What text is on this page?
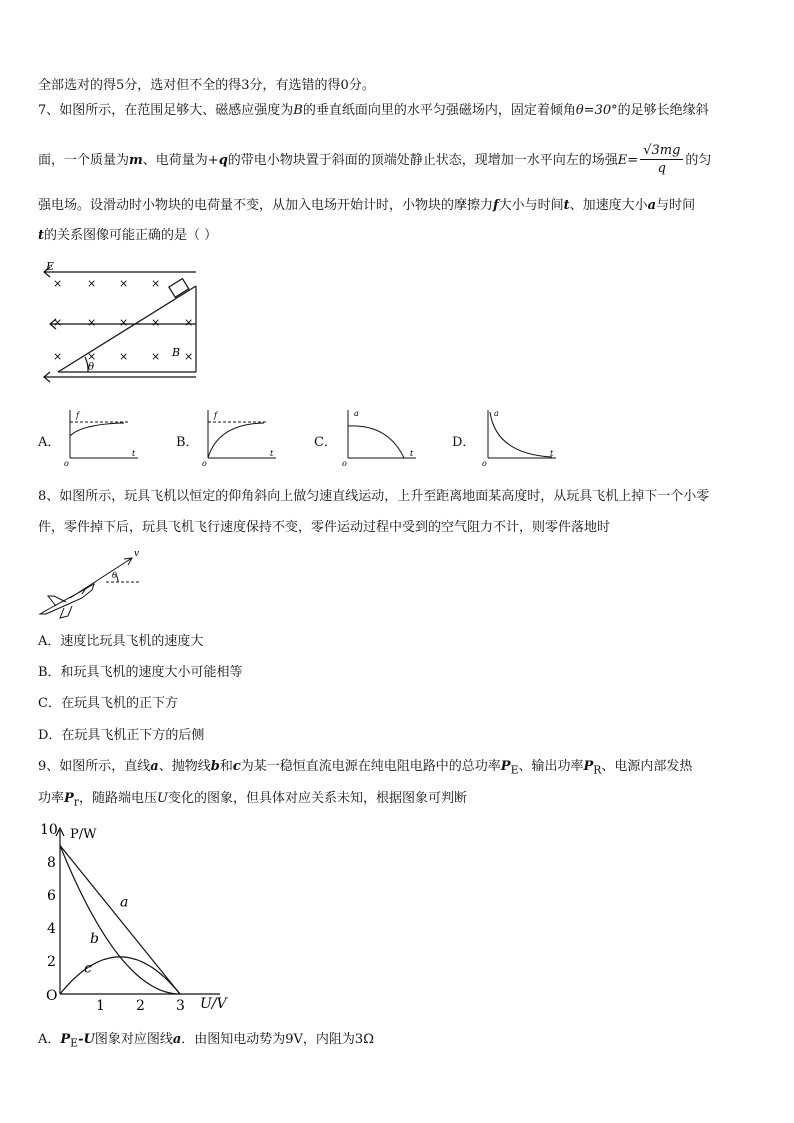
全部选对的得5分，选对但不全的得3分，有选错的得0分。
7、如图所示，在范围足够大、磁感应强度为B的垂直纸面向里的水平匀强磁场内，固定着倾角θ=30°的足够长绝缘斜
面，一个质量为m、电荷量为+q的带电小物块置于斜面的顶端处静止状态，现增加一水平向左的场强$E= \frac{√3mg}{q}$ 的匀
强电场。设滑动时小物块的电荷量不变，从加入电场开始计时，小物块的摩擦力f大小与时间t、加速度大小a与时间
t的关系图像可能正确的是（ ）
E
B
θ
× × × ×
× × × × ×
× × × × ×
A．
f
o
t
B．
f
o
t
C．
a
o
t
D．
a
o
t
8、如图所示，玩具飞机以恒定的仰角斜向上做匀速直线运动，上升至距离地面某高度时，从玩具飞机上掉下一个小零
件，零件掉下后，玩具飞机飞行速度保持不变，零件运动过程中受到的空气阻力不计，则零件落地时
v
θ
A．速度比玩具飞机的速度大
B．和玩具飞机的速度大小可能相等
C．在玩具飞机的正下方
D．在玩具飞机正下方的后侧
9、如图所示，直线a、抛物线b和c为某一稳恒直流电源在纯电阻电路中的总功率$P_E$、输出功率$P_R$、电源内部发热
功率$P_r$，随路端电压U变化的图象，但具体对应关系未知，根据图象可判断
P/W
U/V
O
10
8
6
4
2
1 2 3
a
b
c
A．$P_E-U$图象对应图线a．由图知电动势为9V，内阻为3Ω
